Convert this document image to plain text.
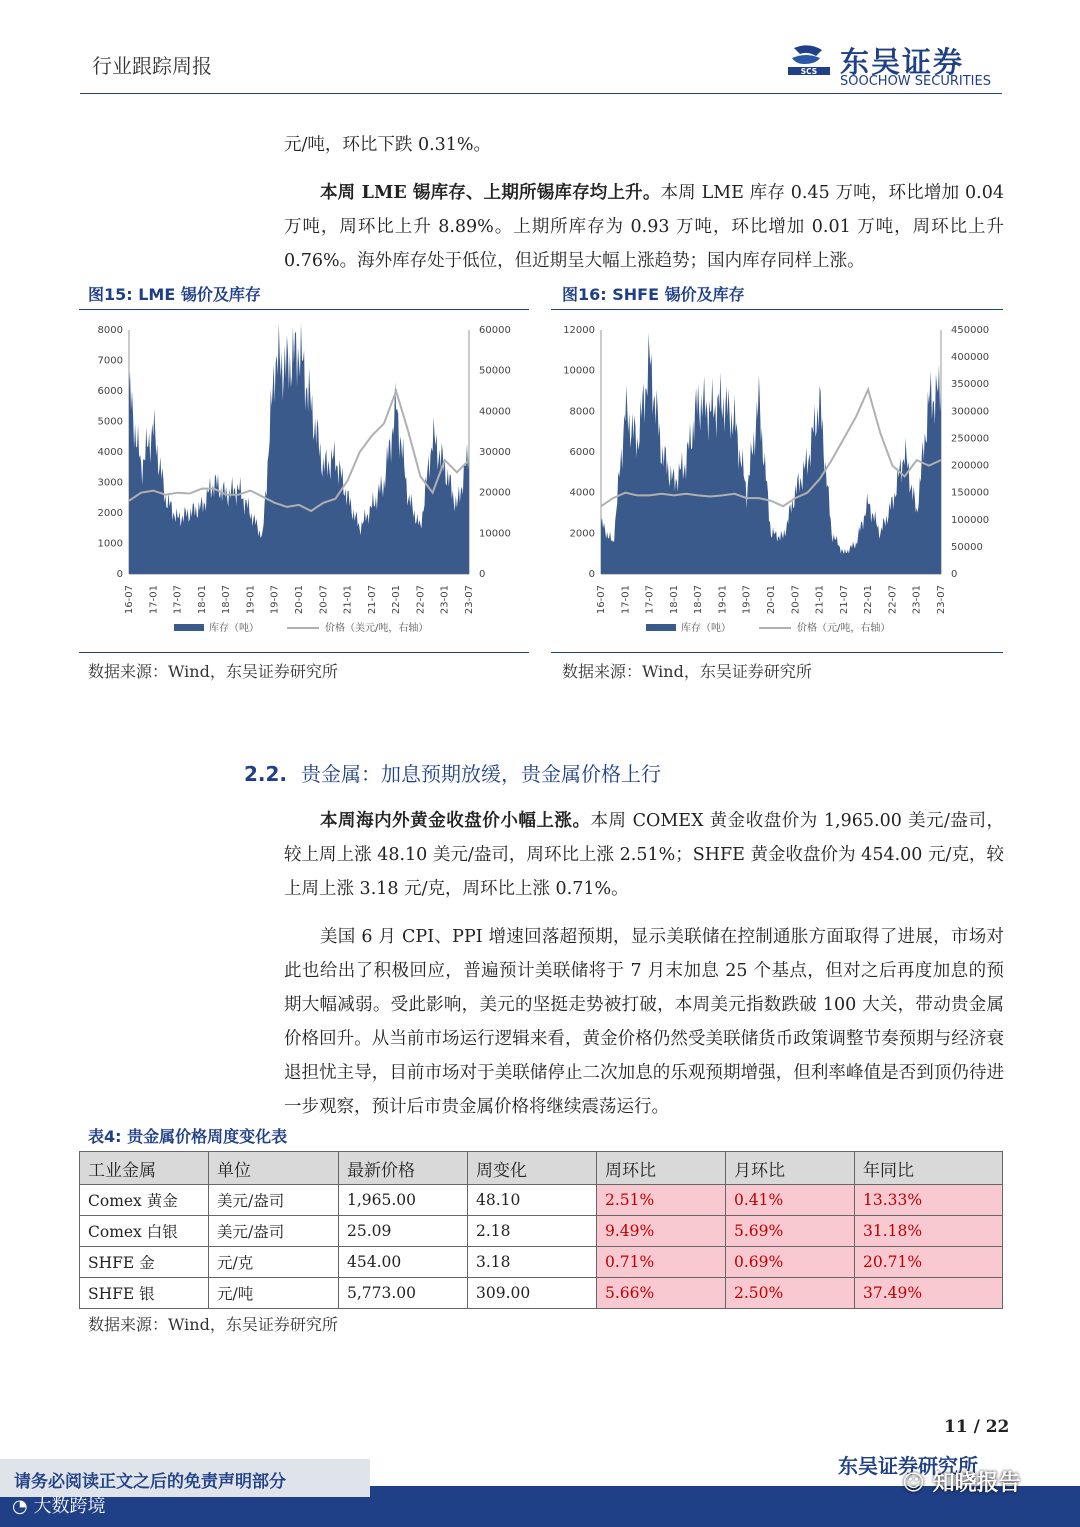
行业跟踪周报	SCS 东吴证券
SOOCHOW SECURITIES

元/吨，环比下跌 0.31%。

本周 LME 锡库存、上期所锡库存均上升。本周 LME 库存 0.45 万吨，环比增加 0.04 万吨，周环比上升 8.89%。上期所库存为 0.93 万吨，环比增加 0.01 万吨，周环比上升 0.76%。海外库存处于低位，但近期呈大幅上涨趋势；国内库存同样上涨。

图15: LME 锡价及库存
0
1000
2000
3000
4000
5000
6000
7000
8000
0
10000
20000
30000
40000
50000
60000
16-07 17-01 17-07 18-01 18-07 19-01 19-07 20-01 20-07 21-01 21-07 22-01 22-07 23-01 23-07
库存（吨）	价格（美元/吨，右轴）
数据来源：Wind，东吴证券研究所
图16: SHFE 锡价及库存
0
2000
4000
6000
8000
10000
12000
0
50000
100000
150000
200000
250000
300000
350000
400000
450000
16-07 17-01 17-07 18-01 18-07 19-01 19-07 20-01 20-07 21-01 21-07 22-01 22-07 23-01 23-07
库存（吨）	价格（元/吨，右轴）
数据来源：Wind，东吴证券研究所
2.2. 贵金属：加息预期放缓，贵金属价格上行

本周海内外黄金收盘价小幅上涨。本周 COMEX 黄金收盘价为 1,965.00 美元/盎司，较上周上涨 48.10 美元/盎司，周环比上涨 2.51%；SHFE 黄金收盘价为 454.00 元/克，较上周上涨 3.18 元/克，周环比上涨 0.71%。

美国 6 月 CPI、PPI 增速回落超预期，显示美联储在控制通胀方面取得了进展，市场对此也给出了积极回应，普遍预计美联储将于 7 月末加息 25 个基点，但对之后再度加息的预期大幅减弱。受此影响，美元的坚挺走势被打破，本周美元指数跌破 100 大关，带动贵金属价格回升。从当前市场运行逻辑来看，黄金价格仍然受美联储货币政策调整节奏预期与经济衰退担忧主导，目前市场对于美联储停止二次加息的乐观预期增强，但利率峰值是否到顶仍待进一步观察，预计后市贵金属价格将继续震荡运行。

表4: 贵金属价格周度变化表
工业金属	单位	最新价格	周变化	周环比	月环比	年同比
Comex 黄金	美元/盎司	1,965.00	48.10	2.51%	0.41%	13.33%
Comex 白银	美元/盎司	25.09	2.18	9.49%	5.69%	31.18%
SHFE 金	元/克	454.00	3.18	0.71%	0.69%	20.71%
SHFE 银	元/吨	5,773.00	309.00	5.66%	2.50%	37.49%
数据来源：Wind，东吴证券研究所
11 / 22
东吴证券研究所
请务必阅读正文之后的免责声明部分
◔ 大数跨境
☺ 知晓报告
